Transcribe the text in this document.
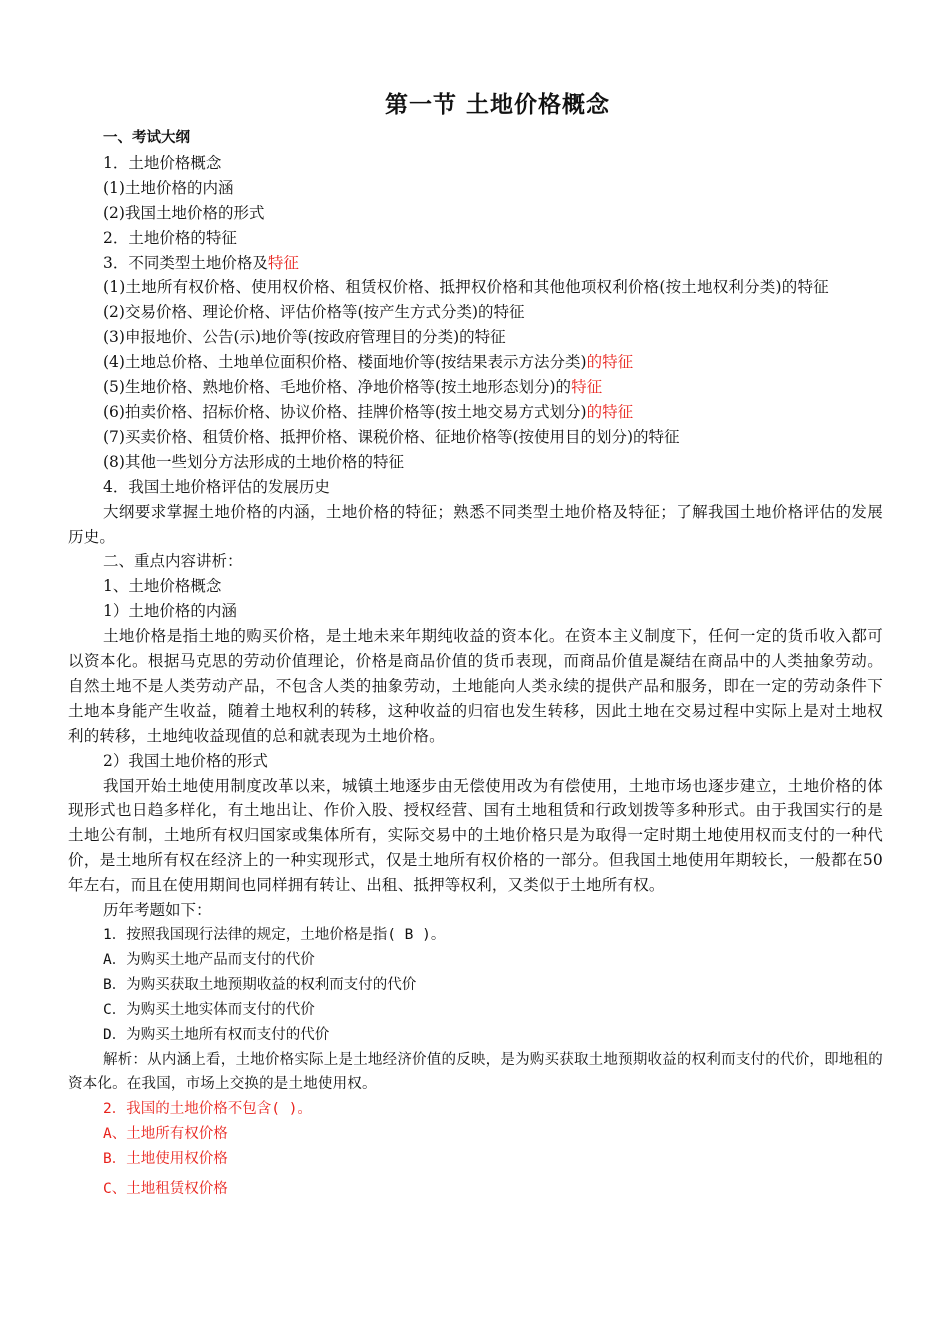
第一节 土地价格概念

一、考试大纲

1．土地价格概念

(1)土地价格的内涵

(2)我国土地价格的形式

2．土地价格的特征

3．不同类型土地价格及特征

(1)土地所有权价格、使用权价格、租赁权价格、抵押权价格和其他他项权利价格(按土地权利分类)的特征

(2)交易价格、理论价格、评估价格等(按产生方式分类)的特征

(3)申报地价、公告(示)地价等(按政府管理目的分类)的特征

(4)土地总价格、土地单位面积价格、楼面地价等(按结果表示方法分类)的特征

(5)生地价格、熟地价格、毛地价格、净地价格等(按土地形态划分)的特征

(6)拍卖价格、招标价格、协议价格、挂牌价格等(按土地交易方式划分)的特征

(7)买卖价格、租赁价格、抵押价格、课税价格、征地价格等(按使用目的划分)的特征

(8)其他一些划分方法形成的土地价格的特征

4．我国土地价格评估的发展历史

大纲要求掌握土地价格的内涵，土地价格的特征；熟悉不同类型土地价格及特征；了解我国土地价格评估的发展历史。

二、重点内容讲析：

1、土地价格概念

1）土地价格的内涵

土地价格是指土地的购买价格，是土地未来年期纯收益的资本化。在资本主义制度下，任何一定的货币收入都可以资本化。根据马克思的劳动价值理论，价格是商品价值的货币表现，而商品价值是凝结在商品中的人类抽象劳动。自然土地不是人类劳动产品，不包含人类的抽象劳动，土地能向人类永续的提供产品和服务，即在一定的劳动条件下土地本身能产生收益，随着土地权利的转移，这种收益的归宿也发生转移，因此土地在交易过程中实际上是对土地权利的转移，土地纯收益现值的总和就表现为土地价格。

2）我国土地价格的形式

我国开始土地使用制度改革以来，城镇土地逐步由无偿使用改为有偿使用，土地市场也逐步建立，土地价格的体现形式也日趋多样化，有土地出让、作价入股、授权经营、国有土地租赁和行政划拨等多种形式。由于我国实行的是土地公有制，土地所有权归国家或集体所有，实际交易中的土地价格只是为取得一定时期土地使用权而支付的一种代价，是土地所有权在经济上的一种实现形式，仅是土地所有权价格的一部分。但我国土地使用年期较长，一般都在50年左右，而且在使用期间也同样拥有转让、出租、抵押等权利，又类似于土地所有权。

历年考题如下：

1．按照我国现行法律的规定，土地价格是指( B )。

A．为购买土地产品而支付的代价

B．为购买获取土地预期收益的权利而支付的代价

C．为购买土地实体而支付的代价

D．为购买土地所有权而支付的代价

解析：从内涵上看，土地价格实际上是土地经济价值的反映，是为购买获取土地预期收益的权利而支付的代价，即地租的资本化。在我国，市场上交换的是土地使用权。

2．我国的土地价格不包含( )。

A、土地所有权价格

B．土地使用权价格

C、土地租赁权价格
